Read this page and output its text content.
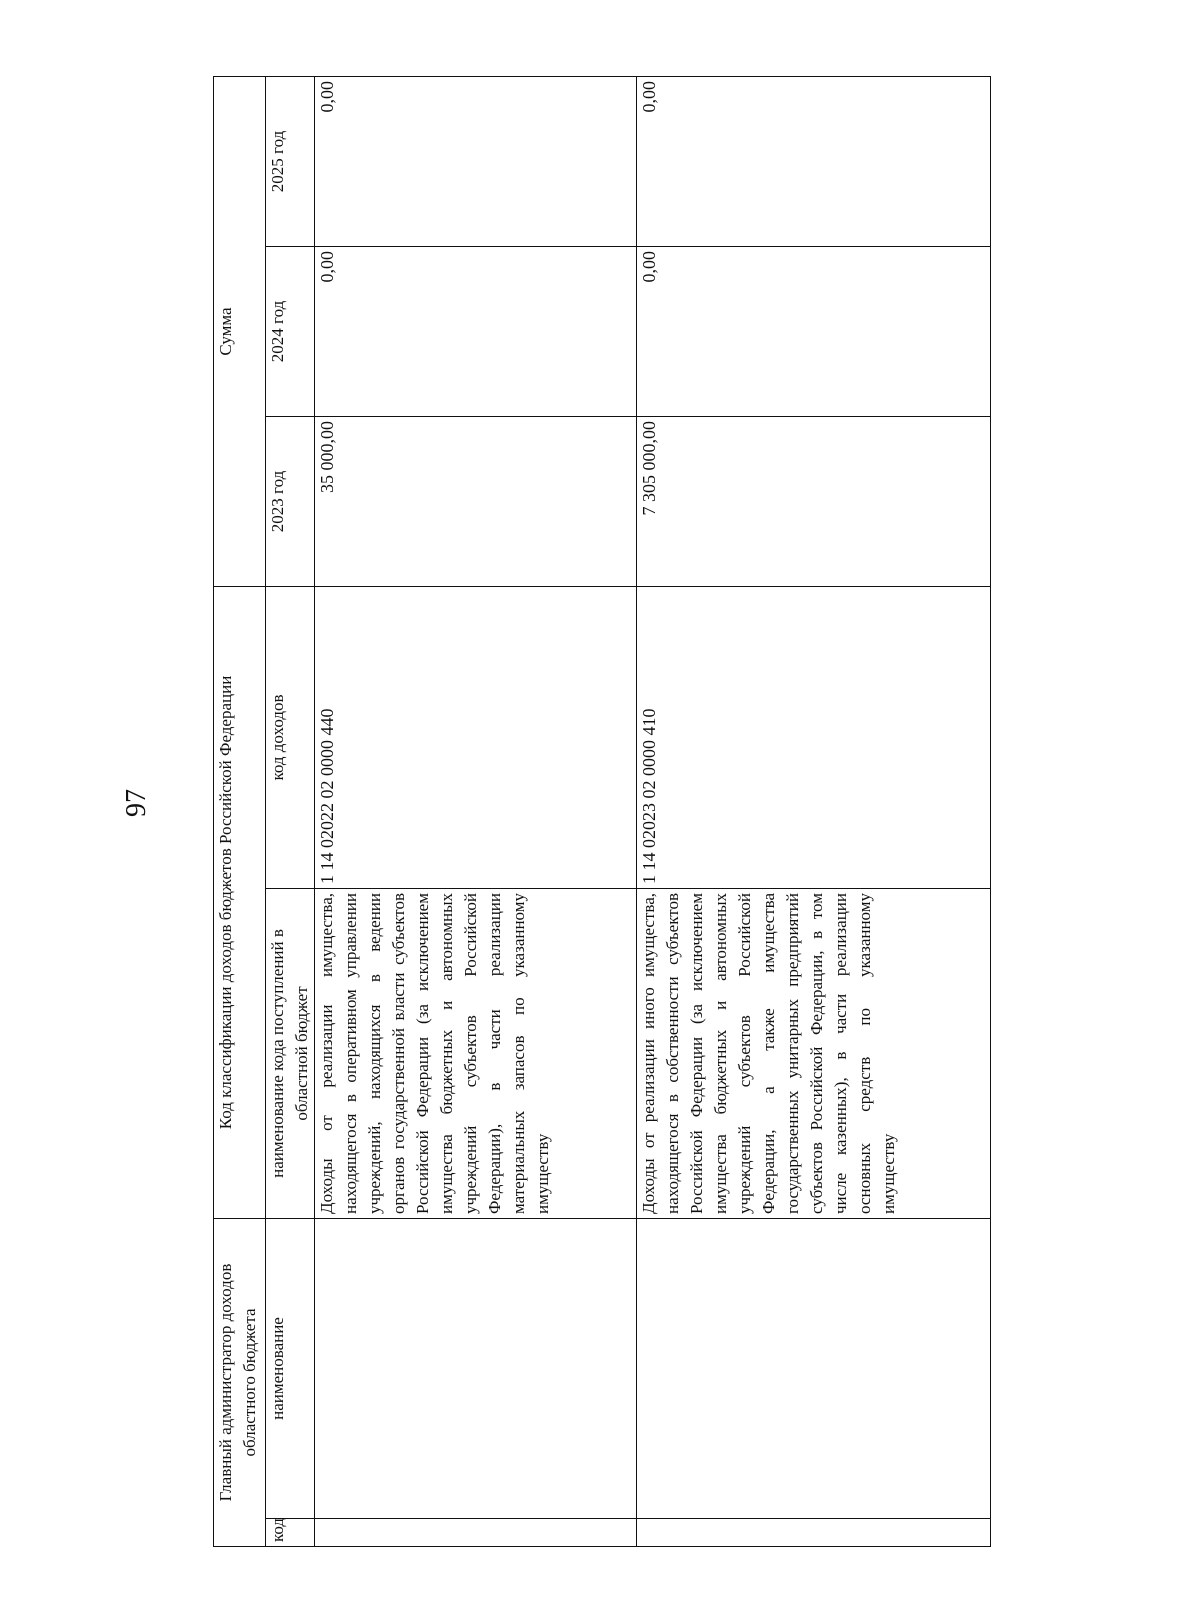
97
Главный администратор доходов областного бюджета		Код классификации доходов бюджетов Российской Федерации		Сумма		
код	наименование	наименование кода поступлений в областной бюджет	код доходов	2023 год	2024 год	2025 год
		Доходы от реализации имущества, находящегося в оперативном управлении учреждений, находящихся в ведении органов государственной власти субъектов Российской Федерации (за исключением имущества бюджетных и автономных учреждений субъектов Российской Федерации), в части реализации материальных запасов по указанному имуществу	1 14 02022 02 0000 440	35 000,00	0,00	0,00
		Доходы от реализации иного имущества, находящегося в собственности субъектов Российской Федерации (за исключением имущества бюджетных и автономных учреждений субъектов Российской Федерации, а также имущества государственных унитарных предприятий субъектов Российской Федерации, в том числе казенных), в части реализации основных средств по указанному имуществу	1 14 02023 02 0000 410	7 305 000,00	0,00	0,00
